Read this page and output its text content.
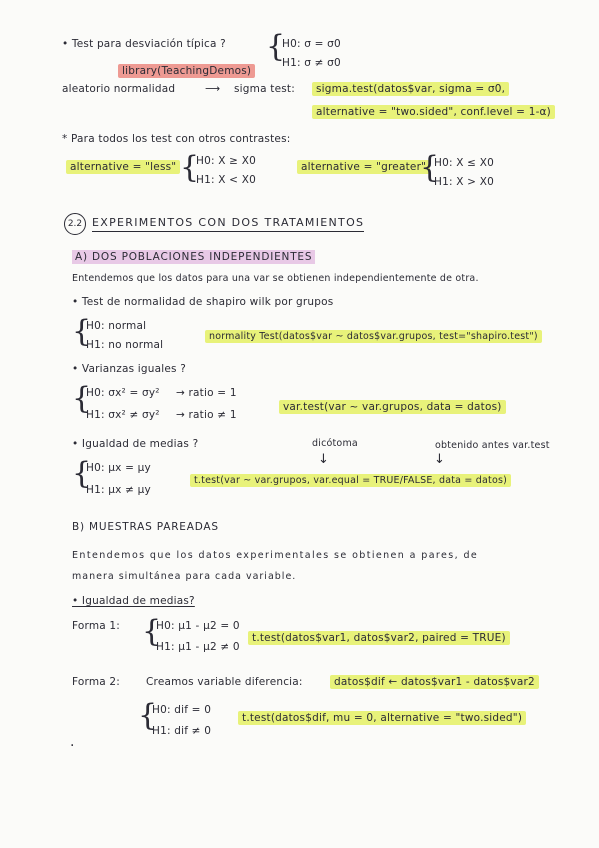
• Test para desviación típica ? {
H0: σ = σ0
H1: σ ≠ σ0
library(TeachingDemos)
aleatorio normalidad	⟶ sigma test:	sigma.test(datos$var, sigma = σ0,
alternative = "two.sided", conf.level = 1-α)
* Para todos los test con otros contrastes:
alternative = "less" {
H0: X ≥ X0
H1: X < X0
alternative = "greater"
{
H0: X ≤ X0
H1: X > X0
2.2 EXPERIMENTOS CON DOS TRATAMIENTOS
A) DOS POBLACIONES INDEPENDIENTES
Entendemos que los datos para una var se obtienen independientemente de otra.
• Test de normalidad de shapiro wilk por grupos
{
H0: normal
H1: no normal
normality Test(datos$var ~ datos$var.grupos, test="shapiro.test")
• Varianzas iguales ?
{
H0: σx² = σy² → ratio = 1
H1: σx² ≠ σy² → ratio ≠ 1
var.test(var ~ var.grupos, data = datos)
• Igualdad de medias ?	dicótoma	obtenido antes var.test
↓	↓
{
H0: μx = μy
H1: μx ≠ μy
t.test(var ~ var.grupos, var.equal = TRUE/FALSE, data = datos)
B) MUESTRAS PAREADAS
Entendemos que los datos experimentales se obtienen a pares, de
manera simultánea para cada variable.
• Igualdad de medias?
Forma 1: {
H0: μ1 - μ2 = 0
H1: μ1 - μ2 ≠ 0
t.test(datos$var1, datos$var2, paired = TRUE)
Forma 2: Creamos variable diferencia:	datos$dif ← datos$var1 - datos$var2
{
H0: dif = 0
H1: dif ≠ 0
t.test(datos$dif, mu = 0, alternative = "two.sided")
·
